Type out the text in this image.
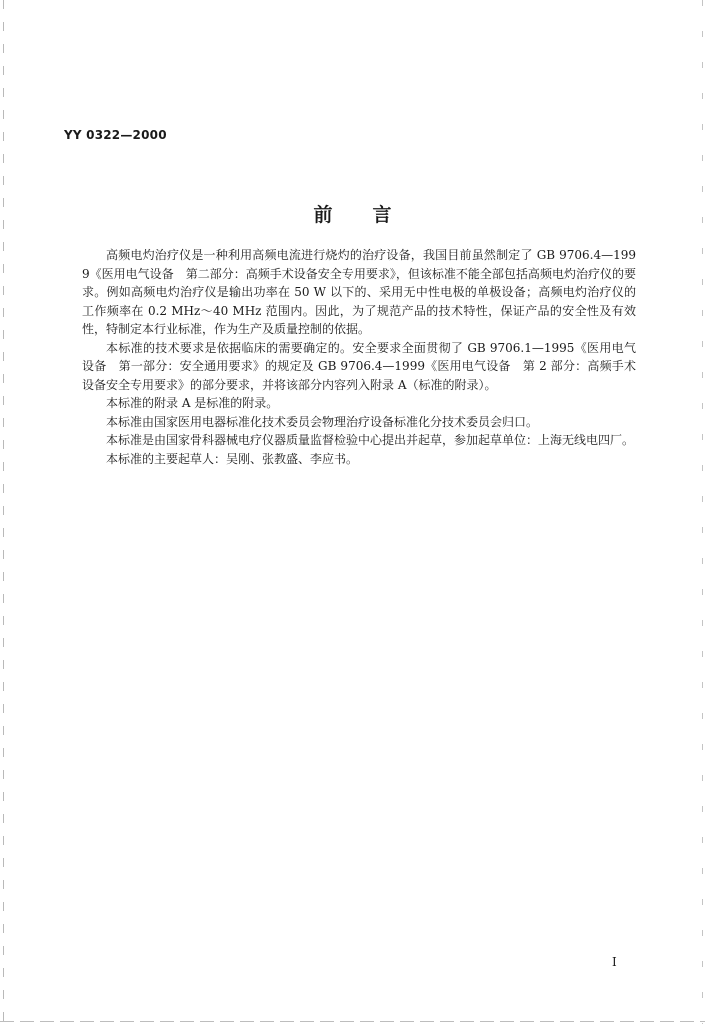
YY 0322—2000
前言

高频电灼治疗仪是一种利用高频电流进行烧灼的治疗设备，我国目前虽然制定了 GB 9706.4—1999《医用电气设备　第二部分：高频手术设备安全专用要求》，但该标准不能全部包括高频电灼治疗仪的要求。例如高频电灼治疗仪是输出功率在 50 W 以下的、采用无中性电极的单极设备；高频电灼治疗仪的工作频率在 0.2 MHz～40 MHz 范围内。因此，为了规范产品的技术特性，保证产品的安全性及有效性，特制定本行业标准，作为生产及质量控制的依据。

本标准的技术要求是依据临床的需要确定的。安全要求全面贯彻了 GB 9706.1—1995《医用电气设备　第一部分：安全通用要求》的规定及 GB 9706.4—1999《医用电气设备　第 2 部分：高频手术设备安全专用要求》的部分要求，并将该部分内容列入附录 A（标准的附录）。

本标准的附录 A 是标准的附录。

本标准由国家医用电器标准化技术委员会物理治疗设备标准化分技术委员会归口。

本标准是由国家骨科器械电疗仪器质量监督检验中心提出并起草，参加起草单位：上海无线电四厂。

本标准的主要起草人：吴刚、张教盛、李应书。

I
